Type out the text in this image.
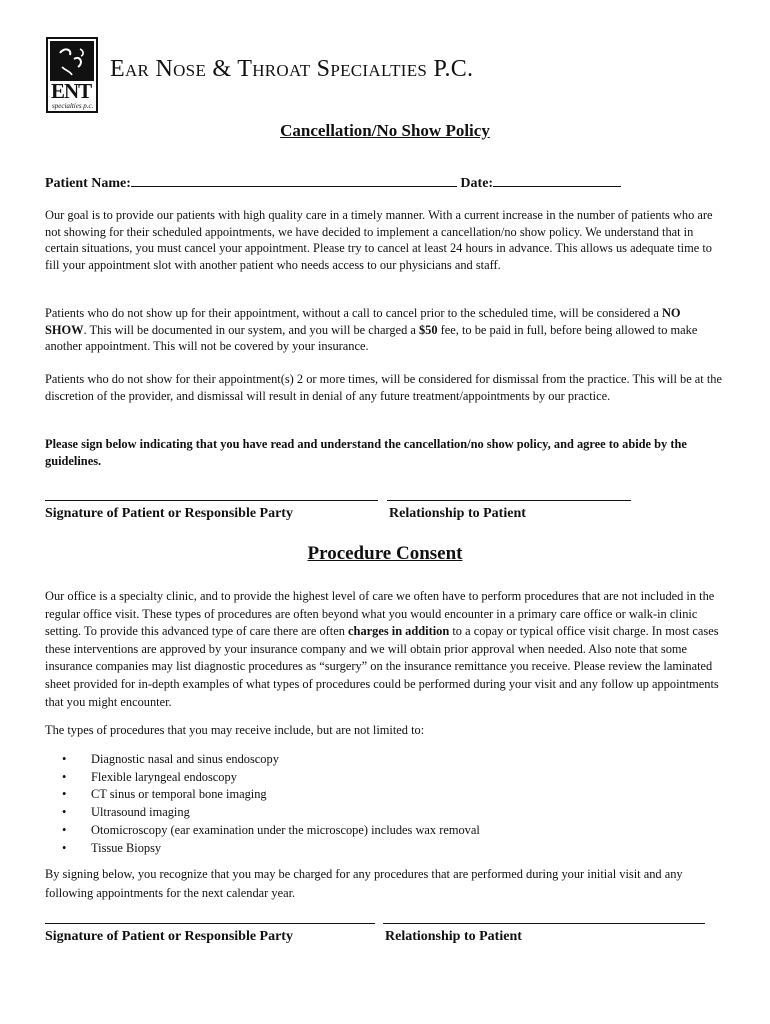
ENT
specialties p.c.
Ear Nose & Throat Specialties P.C.
Cancellation/No Show Policy
Patient Name:	Date:

Our goal is to provide our patients with high quality care in a timely manner. With a current increase in the number of patients who are not showing for their scheduled appointments, we have decided to implement a cancellation/no show policy. We understand that in certain situations, you must cancel your appointment. Please try to cancel at least 24 hours in advance. This allows us adequate time to fill your appointment slot with another patient who needs access to our physicians and staff.

Patients who do not show up for their appointment, without a call to cancel prior to the scheduled time, will be considered a NO SHOW. This will be documented in our system, and you will be charged a $50 fee, to be paid in full, before being allowed to make another appointment. This will not be covered by your insurance.

Patients who do not show for their appointment(s) 2 or more times, will be considered for dismissal from the practice. This will be at the discretion of the provider, and dismissal will result in denial of any future treatment/appointments by our practice.

Please sign below indicating that you have read and understand the cancellation/no show policy, and agree to abide by the guidelines.

Signature of Patient or Responsible Party	Relationship to Patient
Procedure Consent

Our office is a specialty clinic, and to provide the highest level of care we often have to perform procedures that are not included in the regular office visit. These types of procedures are often beyond what you would encounter in a primary care office or walk-in clinic setting. To provide this advanced type of care there are often charges in addition to a copay or typical office visit charge. In most cases these interventions are approved by your insurance company and we will obtain prior approval when needed. Also note that some insurance companies may list diagnostic procedures as “surgery” on the insurance remittance you receive. Please review the laminated sheet provided for in-depth examples of what types of procedures could be performed during your visit and any follow up appointments that you might encounter.

The types of procedures that you may receive include, but are not limited to:

• Diagnostic nasal and sinus endoscopy
• Flexible laryngeal endoscopy
• CT sinus or temporal bone imaging
• Ultrasound imaging
• Otomicroscopy (ear examination under the microscope) includes wax removal
• Tissue Biopsy

By signing below, you recognize that you may be charged for any procedures that are performed during your initial visit and any following appointments for the next calendar year.

Signature of Patient or Responsible Party	Relationship to Patient
